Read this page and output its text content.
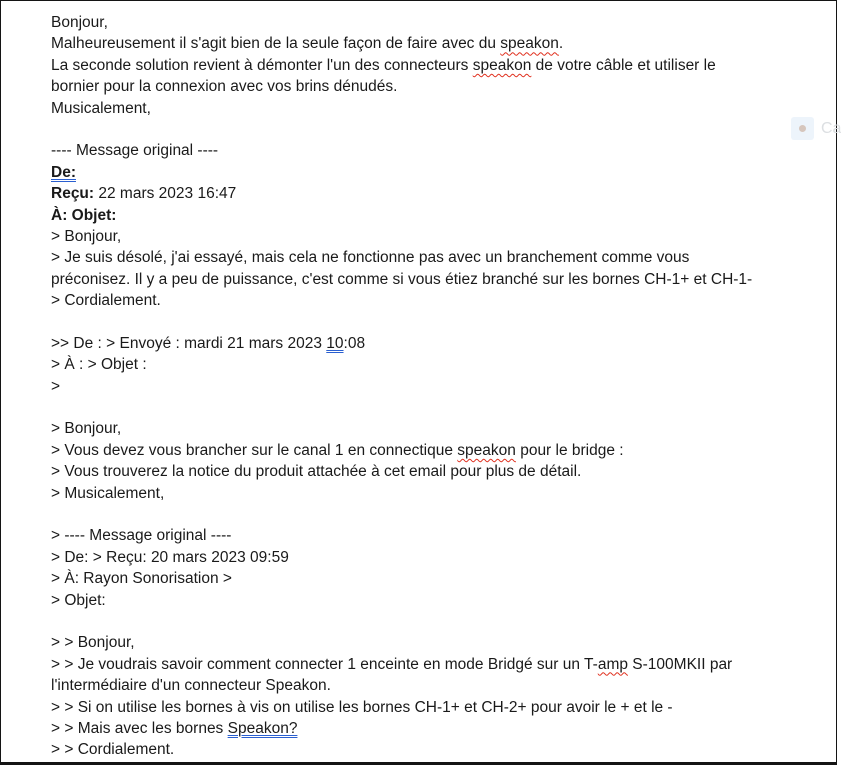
Bonjour,
Malheureusement il s'agit bien de la seule façon de faire avec du speakon.
La seconde solution revient à démonter l'un des connecteurs speakon de votre câble et utiliser le
bornier pour la connexion avec vos brins dénudés.
Musicalement,

---- Message original ----
De:
Reçu: 22 mars 2023 16:47
À: Objet:
> Bonjour,
> Je suis désolé, j'ai essayé, mais cela ne fonctionne pas avec un branchement comme vous
préconisez. Il y a peu de puissance, c'est comme si vous étiez branché sur les bornes CH-1+ et CH-1-
> Cordialement.

>> De : > Envoyé : mardi 21 mars 2023 10:08
> À : > Objet :
>

> Bonjour,
> Vous devez vous brancher sur le canal 1 en connectique speakon pour le bridge :
> Vous trouverez la notice du produit attachée à cet email pour plus de détail.
> Musicalement,

> ---- Message original ----
> De: > Reçu: 20 mars 2023 09:59
> À: Rayon Sonorisation >
> Objet:

> > Bonjour,
> > Je voudrais savoir comment connecter 1 enceinte en mode Bridgé sur un T-amp S-100MKII par
l'intermédiaire d'un connecteur Speakon.
> > Si on utilise les bornes à vis on utilise les bornes CH-1+ et CH-2+ pour avoir le + et le -
> > Mais avec les bornes Speakon?
> > Cordialement.
Ca
